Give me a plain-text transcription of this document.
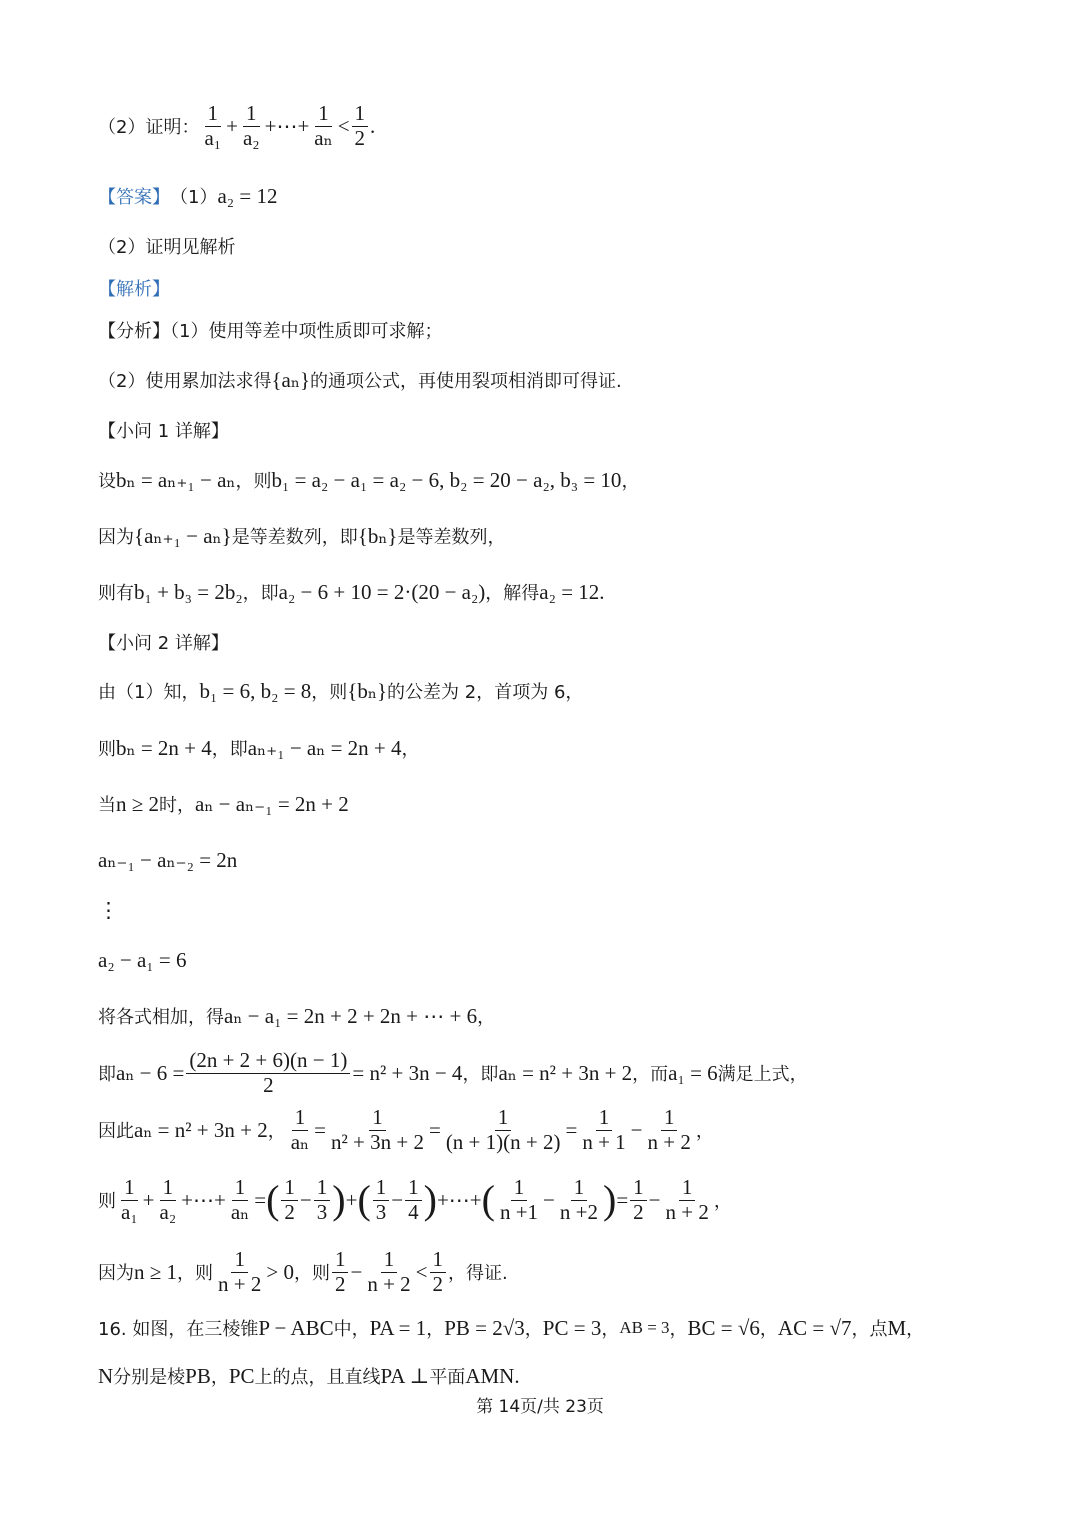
（2）证明： $\frac{1}{\text{a₁}} + \frac{1}{\text{a₂}}$ +⋯+ $\frac{1}{\text{aₙ}} < \frac{1}{2}$ .
【答案】 （1） a₂ = 12
（2）证明见解析
【解析】
【分析】（1）使用等差中项性质即可求解；
（2）使用累加法求得 {aₙ} 的通项公式，再使用裂项相消即可得证.
【小问 1 详解】
设 bₙ = aₙ₊₁ − aₙ ，则 b₁ = a₂ − a₁ = a₂ − 6, b₂ = 20 − a₂, b₃ = 10 ，
因为 {aₙ₊₁ − aₙ} 是等差数列，即 {bₙ} 是等差数列，
则有 b₁ + b₃ = 2b₂ ，即 a₂ − 6 + 10 = 2·(20 − a₂) ，解得 a₂ = 12 .
【小问 2 详解】
由（1）知， b₁ = 6, b₂ = 8 ，则 {bₙ} 的公差为 2，首项为 6，
则 bₙ = 2n + 4 ，即 aₙ₊₁ − aₙ = 2n + 4 ，
当 n ≥ 2 时， aₙ − aₙ₋₁ = 2n + 2
aₙ₋₁ − aₙ₋₂ = 2n
⋮
a₂ − a₁ = 6
将各式相加，得 aₙ − a₁ = 2n + 2 + 2n + ⋯ + 6 ，
即 $a_n - 6 = \frac{(2n + 2 + 6)(n - 1)}{2} = n^2 + 3n - 4$ ，即 aₙ = n² + 3n + 2 ，而 a₁ = 6 满足上式，
因此 aₙ = n² + 3n + 2 ， $\frac{1}{\text{aₙ}} = \frac{1}{\text{n² + 3n + 2}} = \frac{1}{(n + 1)(n + 2)} = \frac{1}{n + 1} - \frac{1}{n + 2}$ ，
则 $\frac{1}{\text{a₁}} + \frac{1}{\text{a₂}}$ +⋯+ $\frac{1}{\text{aₙ}}$ = ( $\frac{1}{2} - \frac{1}{3}$ ) + ( $\frac{1}{3} - \frac{1}{4}$ ) +⋯+ ( $\frac{1}{n +1} - \frac{1}{n +2}$ ) = $\frac{1}{2} - \frac{1}{n + 2}$ ，
因为 n ≥ 1 ，则 $\frac{1}{n + 2} > 0$ ，则 $\frac{1}{2} - \frac{1}{n + 2} < \frac{1}{2}$ ，得证.
16. 如图，在三棱锥 P − ABC 中， PA = 1 ， PB = 2√3 ， PC = 3 ， AB = 3 ， BC = √6 ， AC = √7 ，点 M ，
N 分别是棱 PB ， PC 上的点，且直线 PA ⊥ 平面 AMN .
第 14页/共 23页
